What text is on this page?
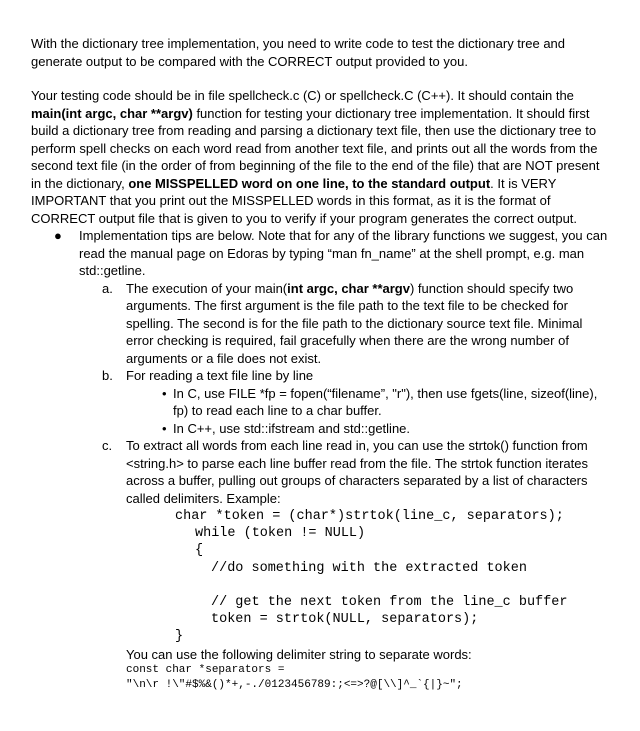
With the dictionary tree implementation, you need to write code to test the dictionary tree and generate output to be compared with the CORRECT output provided to you.

Your testing code should be in file spellcheck.c (C) or spellcheck.C (C++). It should contain the main(int argc, char **argv) function for testing your dictionary tree implementation. It should first build a dictionary tree from reading and parsing a dictionary text file, then use the dictionary tree to perform spell checks on each word read from another text file, and prints out all the words from the second text file (in the order of from beginning of the file to the end of the file) that are NOT present in the dictionary, one MISSPELLED word on one line, to the standard output. It is VERY IMPORTANT that you print out the MISSPELLED words in this format, as it is the format of CORRECT output file that is given to you to verify if your program generates the correct output.

● Implementation tips are below. Note that for any of the library functions we suggest, you can read the manual page on Edoras by typing “man fn_name” at the shell prompt, e.g. man std::getline.
a. The execution of your main(int argc, char **argv) function should specify two arguments. The first argument is the file path to the text file to be checked for spelling. The second is for the file path to the dictionary source text file. Minimal error checking is required, fail gracefully when there are the wrong number of arguments or a file does not exist.
b. For reading a text file line by line
• In C, use FILE *fp = fopen(“filename”, "r"), then use fgets(line, sizeof(line), fp) to read each line to a char buffer.
• In C++, use std::ifstream and std::getline.
c. To extract all words from each line read in, you can use the strtok() function from <string.h> to parse each line buffer read from the file. The strtok function iterates across a buffer, pulling out groups of characters separated by a list of characters called delimiters. Example:
char *token = (char*)strtok(line_c, separators);
while (token != NULL)
{
//do something with the extracted token
// get the next token from the line_c buffer
token = strtok(NULL, separators);
}

You can use the following delimiter string to separate words:

const char *separators =
"\n\r !\"#$%&()*+,-./0123456789:;<=>?@[\\]^_`{|}~";
